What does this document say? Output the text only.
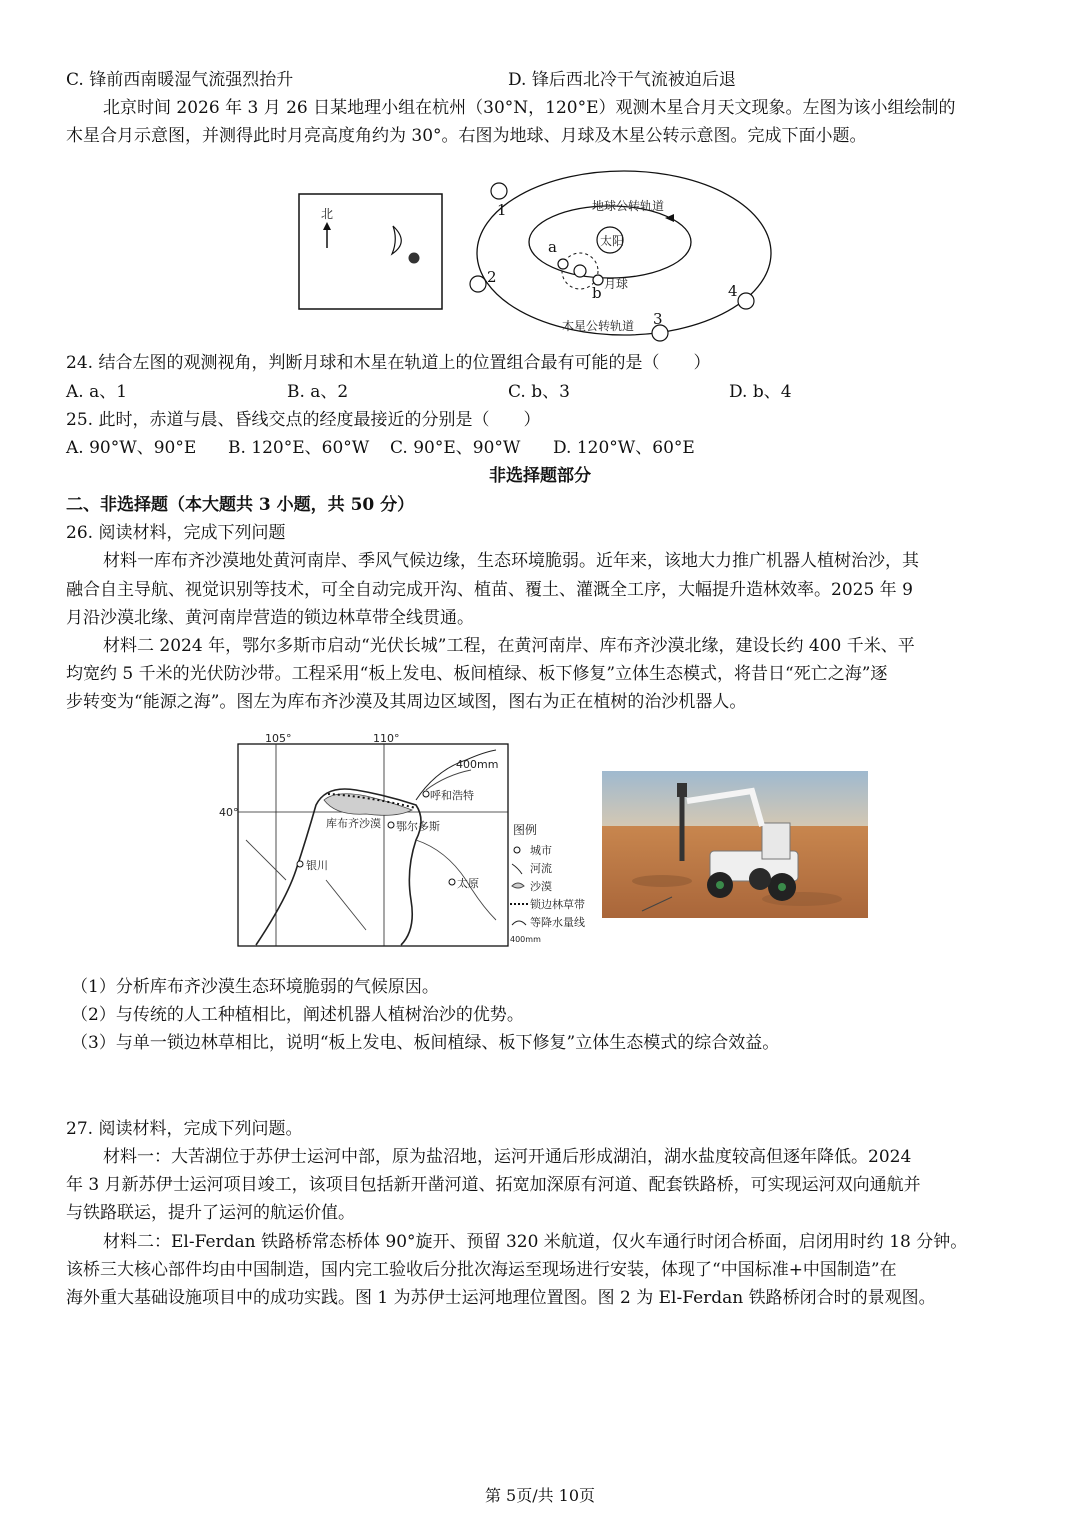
C. 锋前西南暖湿气流强烈抬升	D. 锋后西北冷干气流被迫后退
北京时间 2026 年 3 月 26 日某地理小组在杭州（30°N，120°E）观测木星合月天文现象。左图为该小组绘制的
木星合月示意图，并测得此时月亮高度角约为 30°。右图为地球、月球及木星公转示意图。完成下面小题。
北
地球公转轨道
太阳
a
b 月球
1
2
3
4
木星公转轨道
24. 结合左图的观测视角，判断月球和木星在轨道上的位置组合最有可能的是（　　）
A. a、1	B. a、2	C. b、3	D. b、4
25. 此时，赤道与晨、昏线交点的经度最接近的分别是（　　）
A. 90°W、90°E B. 120°E、60°W C. 90°E、90°W D. 120°W、60°E
非选择题部分
二、非选择题（本大题共 3 小题，共 50 分）
26. 阅读材料，完成下列问题
材料一库布齐沙漠地处黄河南岸、季风气候边缘，生态环境脆弱。近年来，该地大力推广机器人植树治沙，其
融合自主导航、视觉识别等技术，可全自动完成开沟、植苗、覆土、灌溉全工序，大幅提升造林效率。2025 年 9
月沿沙漠北缘、黄河南岸营造的锁边林草带全线贯通。
材料二 2024 年，鄂尔多斯市启动“光伏长城”工程，在黄河南岸、库布齐沙漠北缘，建设长约 400 千米、平
均宽约 5 千米的光伏防沙带。工程采用“板上发电、板间植绿、板下修复”立体生态模式，将昔日“死亡之海”逐
步转变为“能源之海”。图左为库布齐沙漠及其周边区域图，图右为正在植树的治沙机器人。
105°	110°
40°
400mm
呼和浩特
库布齐沙漠 鄂尔多斯
银川
太原
图例
城市
河流
沙漠
锁边林草带
等降水量线
400mm
（1）分析库布齐沙漠生态环境脆弱的气候原因。
（2）与传统的人工种植相比，阐述机器人植树治沙的优势。
（3）与单一锁边林草相比，说明“板上发电、板间植绿、板下修复”立体生态模式的综合效益。
27. 阅读材料，完成下列问题。
材料一：大苦湖位于苏伊士运河中部，原为盐沼地，运河开通后形成湖泊，湖水盐度较高但逐年降低。2024
年 3 月新苏伊士运河项目竣工，该项目包括新开凿河道、拓宽加深原有河道、配套铁路桥，可实现运河双向通航并
与铁路联运，提升了运河的航运价值。
材料二：El-Ferdan 铁路桥常态桥体 90°旋开、预留 320 米航道，仅火车通行时闭合桥面，启闭用时约 18 分钟。
该桥三大核心部件均由中国制造，国内完工验收后分批次海运至现场进行安装，体现了“中国标准+中国制造”在
海外重大基础设施项目中的成功实践。图 1 为苏伊士运河地理位置图。图 2 为 El-Ferdan 铁路桥闭合时的景观图。
第 5页/共 10页
